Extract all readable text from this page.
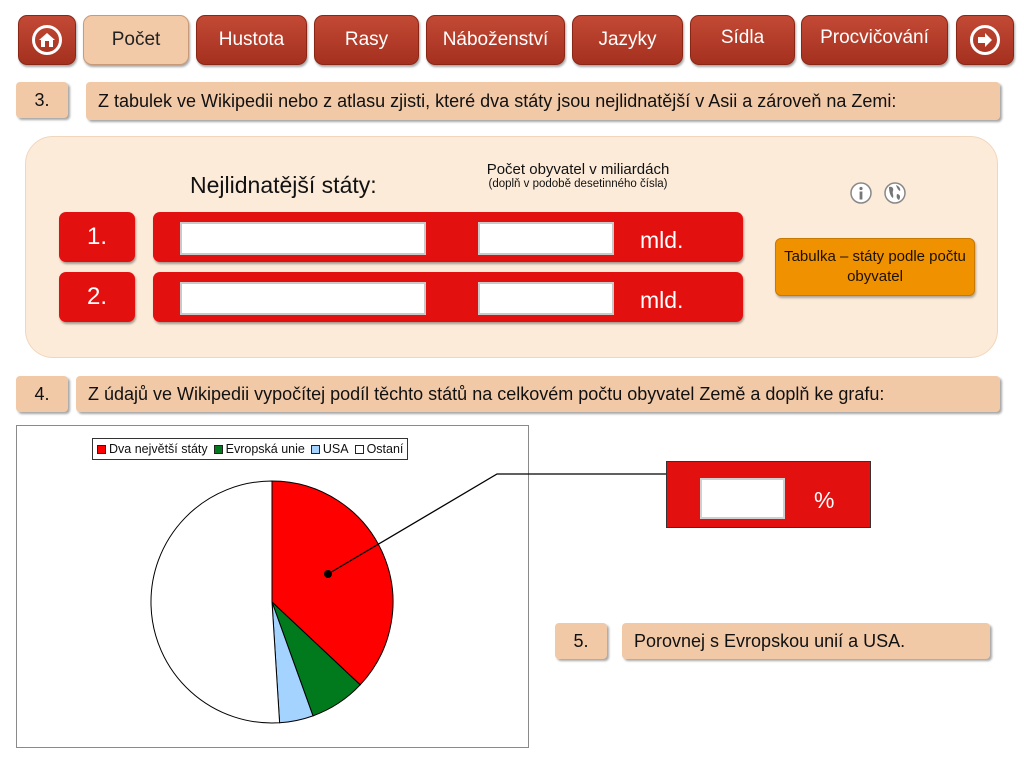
Počet	Hustota	Rasy	Náboženství	Jazyky	Sídla	Procvičování
3.	Z tabulek ve Wikipedii nebo z atlasu zjisti, které dva státy jsou nejlidnatější v Asii a zároveň na Zemi:
Nejlidnatější státy:
Počet obyvatel v miliardách
(doplň v podobě desetinného čísla)
1.	mld.
2.	mld.
Tabulka – státy podle počtu obyvatel
4.	Z údajů ve Wikipedii vypočítej podíl těchto států na celkovém počtu obyvatel Země a doplň ke grafu:
Dva největší státy Evropská unie USA Ostaní
%
5.	Porovnej s Evropskou unií a USA.
